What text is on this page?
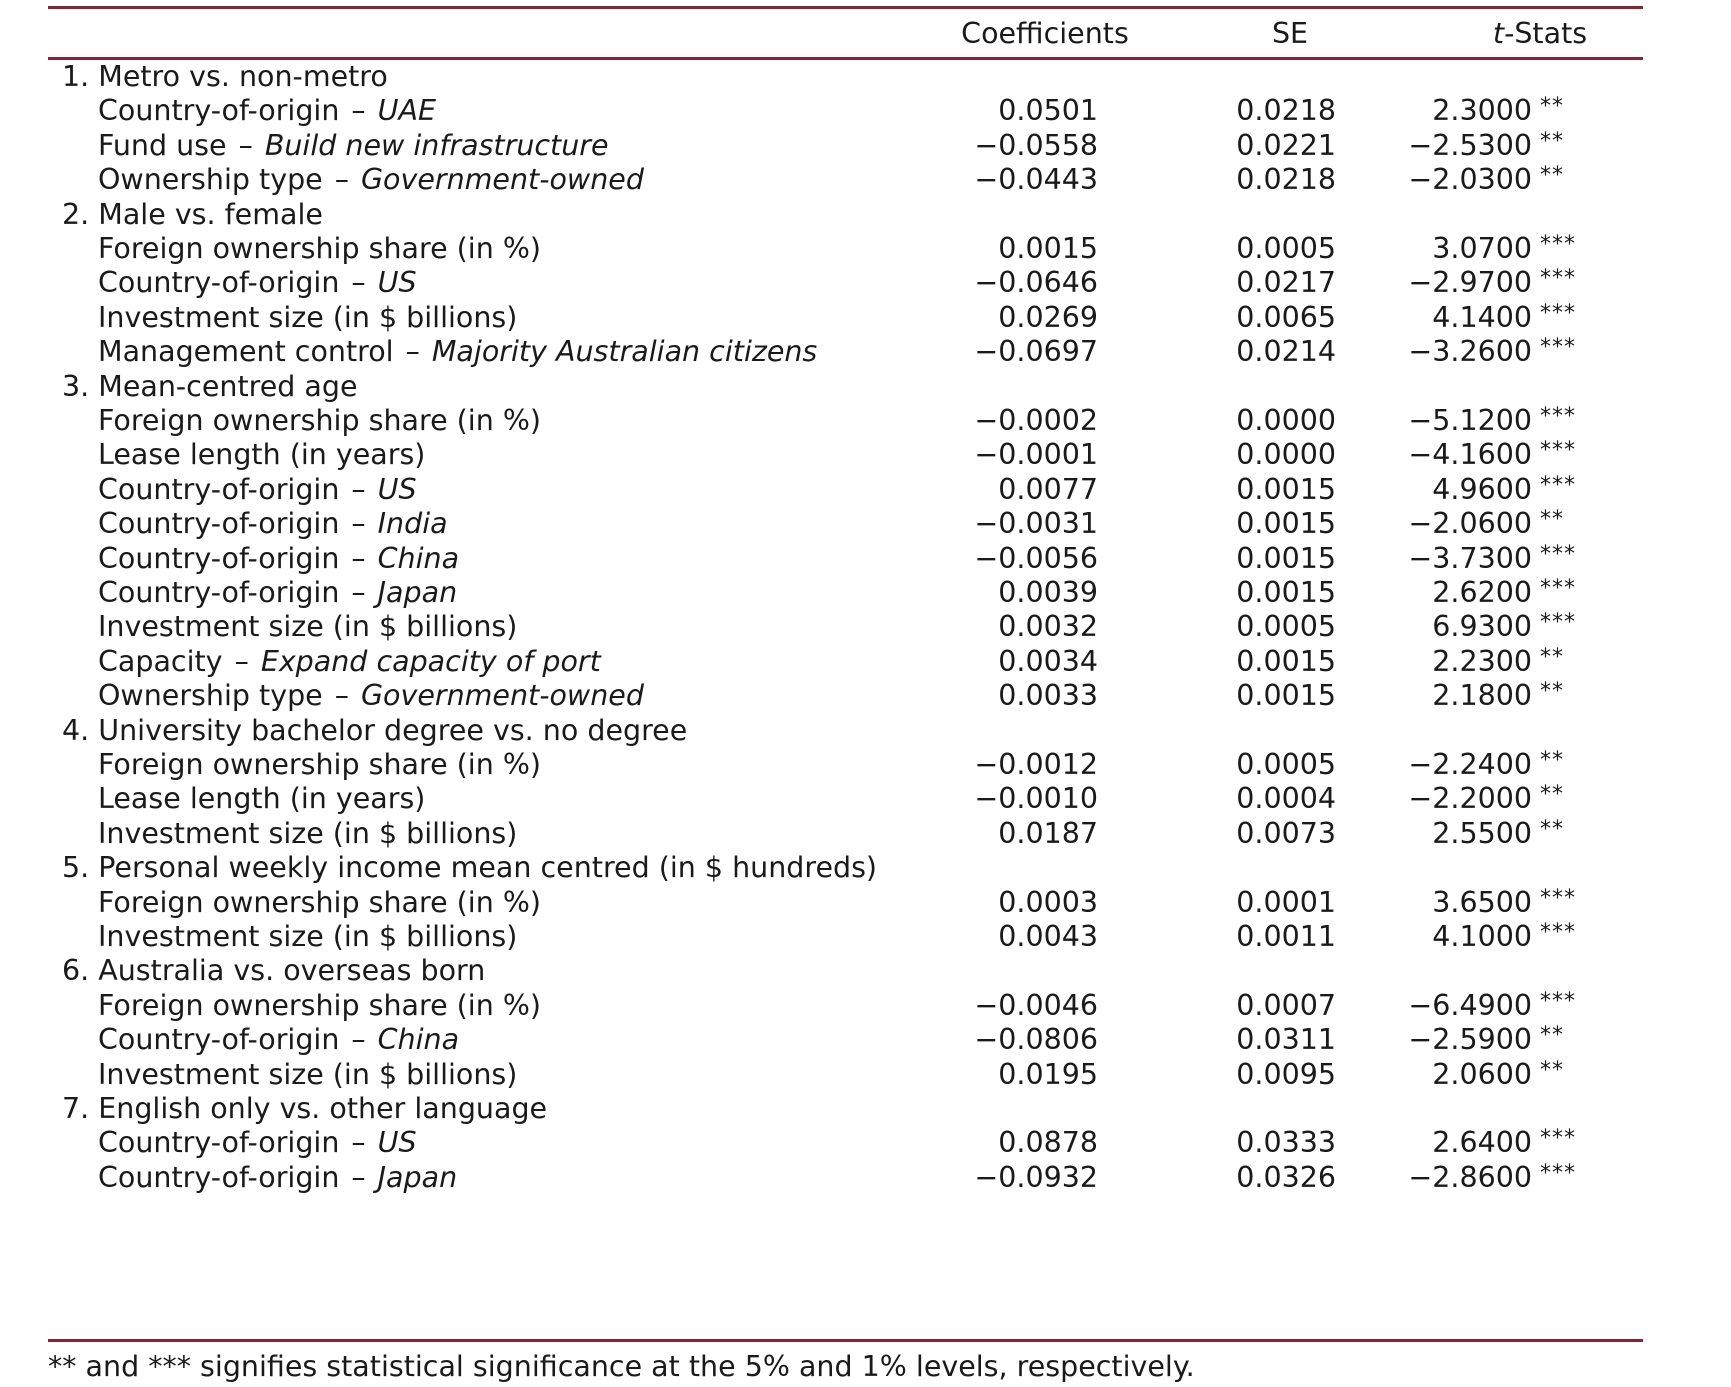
Coefficients	SE	t-Stats
1. Metro vs. non-metro
Country-of-origin – UAE	0.0501	0.0218	2.3000 **
Fund use – Build new infrastructure	−0.0558	0.0221	−2.5300 **
Ownership type – Government-owned	−0.0443	0.0218	−2.0300 **
2. Male vs. female
Foreign ownership share (in %)	0.0015	0.0005	3.0700 ***
Country-of-origin – US	−0.0646	0.0217	−2.9700 ***
Investment size (in $ billions)	0.0269	0.0065	4.1400 ***
Management control – Majority Australian citizens	−0.0697	0.0214	−3.2600 ***
3. Mean-centred age
Foreign ownership share (in %)	−0.0002	0.0000	−5.1200 ***
Lease length (in years)	−0.0001	0.0000	−4.1600 ***
Country-of-origin – US	0.0077	0.0015	4.9600 ***
Country-of-origin – India	−0.0031	0.0015	−2.0600 **
Country-of-origin – China	−0.0056	0.0015	−3.7300 ***
Country-of-origin – Japan	0.0039	0.0015	2.6200 ***
Investment size (in $ billions)	0.0032	0.0005	6.9300 ***
Capacity – Expand capacity of port	0.0034	0.0015	2.2300 **
Ownership type – Government-owned	0.0033	0.0015	2.1800 **
4. University bachelor degree vs. no degree
Foreign ownership share (in %)	−0.0012	0.0005	−2.2400 **
Lease length (in years)	−0.0010	0.0004	−2.2000 **
Investment size (in $ billions)	0.0187	0.0073	2.5500 **
5. Personal weekly income mean centred (in $ hundreds)
Foreign ownership share (in %)	0.0003	0.0001	3.6500 ***
Investment size (in $ billions)	0.0043	0.0011	4.1000 ***
6. Australia vs. overseas born
Foreign ownership share (in %)	−0.0046	0.0007	−6.4900 ***
Country-of-origin – China	−0.0806	0.0311	−2.5900 **
Investment size (in $ billions)	0.0195	0.0095	2.0600 **
7. English only vs. other language
Country-of-origin – US	0.0878	0.0333	2.6400 ***
Country-of-origin – Japan	−0.0932	0.0326	−2.8600 ***
** and *** signifies statistical significance at the 5% and 1% levels, respectively.
